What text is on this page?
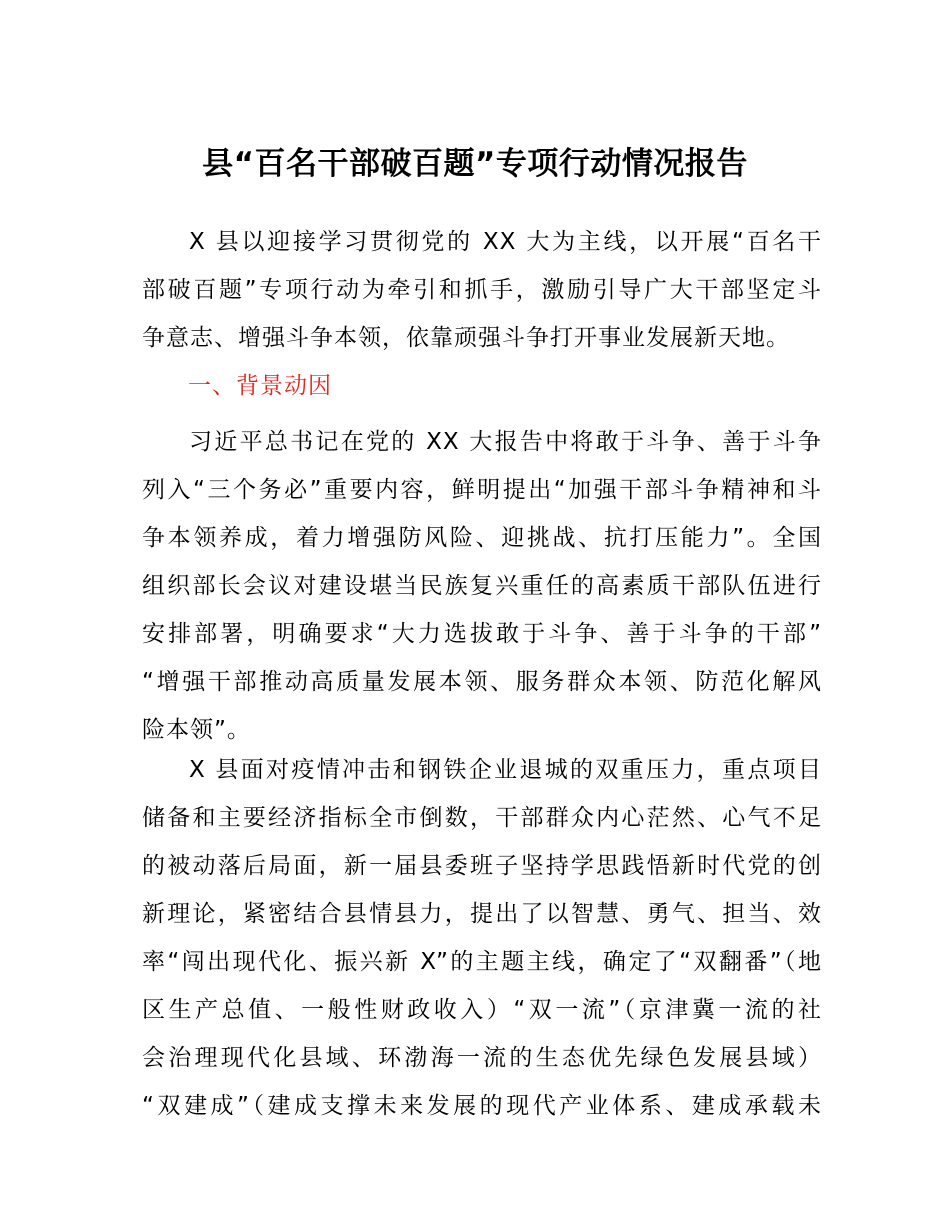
县“百名干部破百题”专项行动情况报告
X 县以迎接学习贯彻党的 XX 大为主线，以开展“百名干
部破百题”专项行动为牵引和抓手，激励引导广大干部坚定斗
争意志、增强斗争本领，依靠顽强斗争打开事业发展新天地。
一、背景动因
习近平总书记在党的 XX 大报告中将敢于斗争、善于斗争
列入“三个务必”重要内容，鲜明提出“加强干部斗争精神和斗
争本领养成，着力增强防风险、迎挑战、抗打压能力”。全国
组织部长会议对建设堪当民族复兴重任的高素质干部队伍进行
安排部署，明确要求“大力选拔敢于斗争、善于斗争的干部”
“增强干部推动高质量发展本领、服务群众本领、防范化解风
险本领”。
X 县面对疫情冲击和钢铁企业退城的双重压力，重点项目
储备和主要经济指标全市倒数，干部群众内心茫然、心气不足
的被动落后局面，新一届县委班子坚持学思践悟新时代党的创
新理论，紧密结合县情县力，提出了以智慧、勇气、担当、效
率“闯出现代化、振兴新 X”的主题主线，确定了“双翻番”（地
区生产总值、一般性财政收入）“双一流”（京津冀一流的社
会治理现代化县域、环渤海一流的生态优先绿色发展县域）
“双建成”（建成支撑未来发展的现代产业体系、建成承载未
